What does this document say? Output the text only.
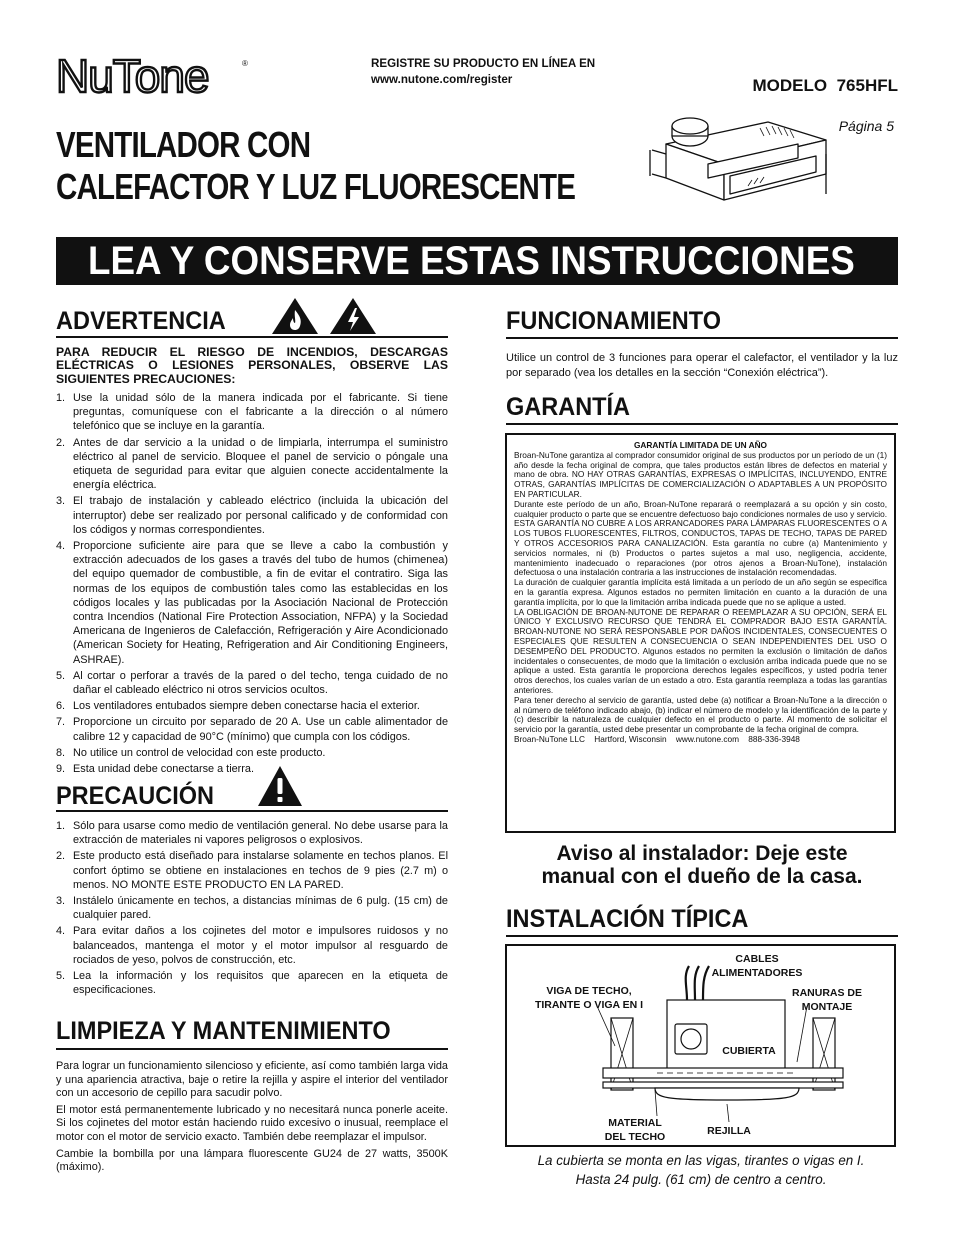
NuTone	®	REGISTRE SU PRODUCTO EN LÍNEA EN
www.nutone.com/register	MODELO 765HFL
Página 5
VENTILADOR CON
CALEFACTOR Y LUZ FLUORESCENTE
LEA Y CONSERVE ESTAS INSTRUCCIONES
ADVERTENCIA
PARA REDUCIR EL RIESGO DE INCENDIOS, DESCARGAS ELÉCTRICAS O LESIONES PERSONALES, OBSERVE LAS SIGUIENTES PRECAUCIONES:
1. Use la unidad sólo de la manera indicada por el fabricante. Si tiene preguntas, comuníquese con el fabricante a la dirección o al número telefónico que se incluye en la garantía.
2. Antes de dar servicio a la unidad o de limpiarla, interrumpa el suministro eléctrico al panel de servicio. Bloquee el panel de servicio o póngale una etiqueta de seguridad para evitar que alguien conecte accidentalmente la energía eléctrica.
3. El trabajo de instalación y cableado eléctrico (incluida la ubicación del interruptor) debe ser realizado por personal calificado y de conformidad con los códigos y normas correspondientes.
4. Proporcione suficiente aire para que se lleve a cabo la combustión y extracción adecuados de los gases a través del tubo de humos (chimenea) del equipo quemador de combustible, a fin de evitar el contratiro. Siga las normas de los equipos de combustión tales como las establecidas en los códigos locales y las publicadas por la Asociación Nacional de Protección contra Incendios (National Fire Protection Association, NFPA) y la Sociedad Americana de Ingenieros de Calefacción, Refrigeración y Aire Acondicionado (American Society for Heating, Refrigeration and Air Conditioning Engineers, ASHRAE).
5. Al cortar o perforar a través de la pared o del techo, tenga cuidado de no dañar el cableado eléctrico ni otros servicios ocultos.
6. Los ventiladores entubados siempre deben conectarse hacia el exterior.
7. Proporcione un circuito por separado de 20 A. Use un cable alimentador de calibre 12 y capacidad de 90°C (mínimo) que cumpla con los códigos.
8. No utilice un control de velocidad con este producto.
9. Esta unidad debe conectarse a tierra.
PRECAUCIÓN
1. Sólo para usarse como medio de ventilación general. No debe usarse para la extracción de materiales ni vapores peligrosos o explosivos.
2. Este producto está diseñado para instalarse solamente en techos planos. El confort óptimo se obtiene en instalaciones en techos de 9 pies (2.7 m) o menos. NO MONTE ESTE PRODUCTO EN LA PARED.
3. Instálelo únicamente en techos, a distancias mínimas de 6 pulg. (15 cm) de cualquier pared.
4. Para evitar daños a los cojinetes del motor e impulsores ruidosos y no balanceados, mantenga el motor y el motor impulsor al resguardo de rociados de yeso, polvos de construcción, etc.
5. Lea la información y los requisitos que aparecen en la etiqueta de especificaciones.
LIMPIEZA Y MANTENIMIENTO

Para lograr un funcionamiento silencioso y eficiente, así como también larga vida y una apariencia atractiva, baje o retire la rejilla y aspire el interior del ventilador con un accesorio de cepillo para sacudir polvo.

El motor está permanentemente lubricado y no necesitará nunca ponerle aceite. Si los cojinetes del motor están haciendo ruido excesivo o inusual, reemplace el motor con el motor de servicio exacto. También debe reemplazar el impulsor.

Cambie la bombilla por una lámpara fluorescente GU24 de 27 watts, 3500K (máximo).

FUNCIONAMIENTO
Utilice un control de 3 funciones para operar el calefactor, el ventilador y la luz por separado (vea los detalles en la sección “Conexión eléctrica”).
GARANTÍA
GARANTÍA LIMITADA DE UN AÑO

Broan-NuTone garantiza al comprador consumidor original de sus productos por un período de un (1) año desde la fecha original de compra, que tales productos están libres de defectos en material y mano de obra. NO HAY OTRAS GARANTÍAS, EXPRESAS O IMPLÍCITAS, INCLUYENDO, ENTRE OTRAS, GARANTÍAS IMPLÍCITAS DE COMERCIALIZACIÓN O ADAPTABLES A UN PROPÓSITO EN PARTICULAR.

Durante este período de un año, Broan-NuTone reparará o reemplazará a su opción y sin costo, cualquier producto o parte que se encuentre defectuoso bajo condiciones normales de uso y servicio. ESTA GARANTÍA NO CUBRE A LOS ARRANCADORES PARA LÁMPARAS FLUORESCENTES O A LOS TUBOS FLUORESCENTES, FILTROS, CONDUCTOS, TAPAS DE TECHO, TAPAS DE PARED Y OTROS ACCESORIOS PARA CANALIZACIÓN. Esta garantía no cubre (a) Mantenimiento y servicios normales, ni (b) Productos o partes sujetos a mal uso, negligencia, accidente, mantenimiento inadecuado o reparaciones (por otros ajenos a Broan-NuTone), instalación defectuosa o una instalación contraria a las instrucciones de instalación recomendadas.

La duración de cualquier garantía implícita está limitada a un período de un año según se especifica en la garantía expresa. Algunos estados no permiten limitación en cuanto a la duración de una garantía implícita, por lo que la limitación arriba indicada puede que no se aplique a usted.

LA OBLIGACIÓN DE BROAN-NUTONE DE REPARAR O REEMPLAZAR A SU OPCIÓN, SERÁ EL ÚNICO Y EXCLUSIVO RECURSO QUE TENDRÁ EL COMPRADOR BAJO ESTA GARANTÍA. BROAN-NUTONE NO SERÁ RESPONSABLE POR DAÑOS INCIDENTALES, CONSECUENTES O ESPECIALES QUE RESULTEN A CONSECUENCIA O SEAN INDEPENDIENTES DEL USO O DESEMPEÑO DEL PRODUCTO. Algunos estados no permiten la exclusión o limitación de daños incidentales o consecuentes, de modo que la limitación o exclusión arriba indicada puede que no se aplique a usted. Esta garantía le proporciona derechos legales específicos, y usted podría tener otros derechos, los cuales varían de un estado a otro. Esta garantía reemplaza a todas las garantías anteriores.

Para tener derecho al servicio de garantía, usted debe (a) notificar a Broan-NuTone a la dirección o al número de teléfono indicado abajo, (b) indicar el número de modelo y la identificación de la parte y (c) describir la naturaleza de cualquier defecto en el producto o parte. Al momento de solicitar el servicio por la garantía, usted debe presentar un comprobante de la fecha original de compra.

Broan-NuTone LLC    Hartford, Wisconsin    www.nutone.com    888-336-3948

Aviso al instalador: Deje este
manual con el dueño de la casa.
INSTALACIÓN TÍPICA
CABLES
ALIMENTADORES
VIGA DE TECHO,
TIRANTE O VIGA EN I
RANURAS DE
MONTAJE
CUBIERTA
MATERIAL
DEL TECHO	REJILLA
La cubierta se monta en las vigas, tirantes o vigas en I.
Hasta 24 pulg. (61 cm) de centro a centro.
